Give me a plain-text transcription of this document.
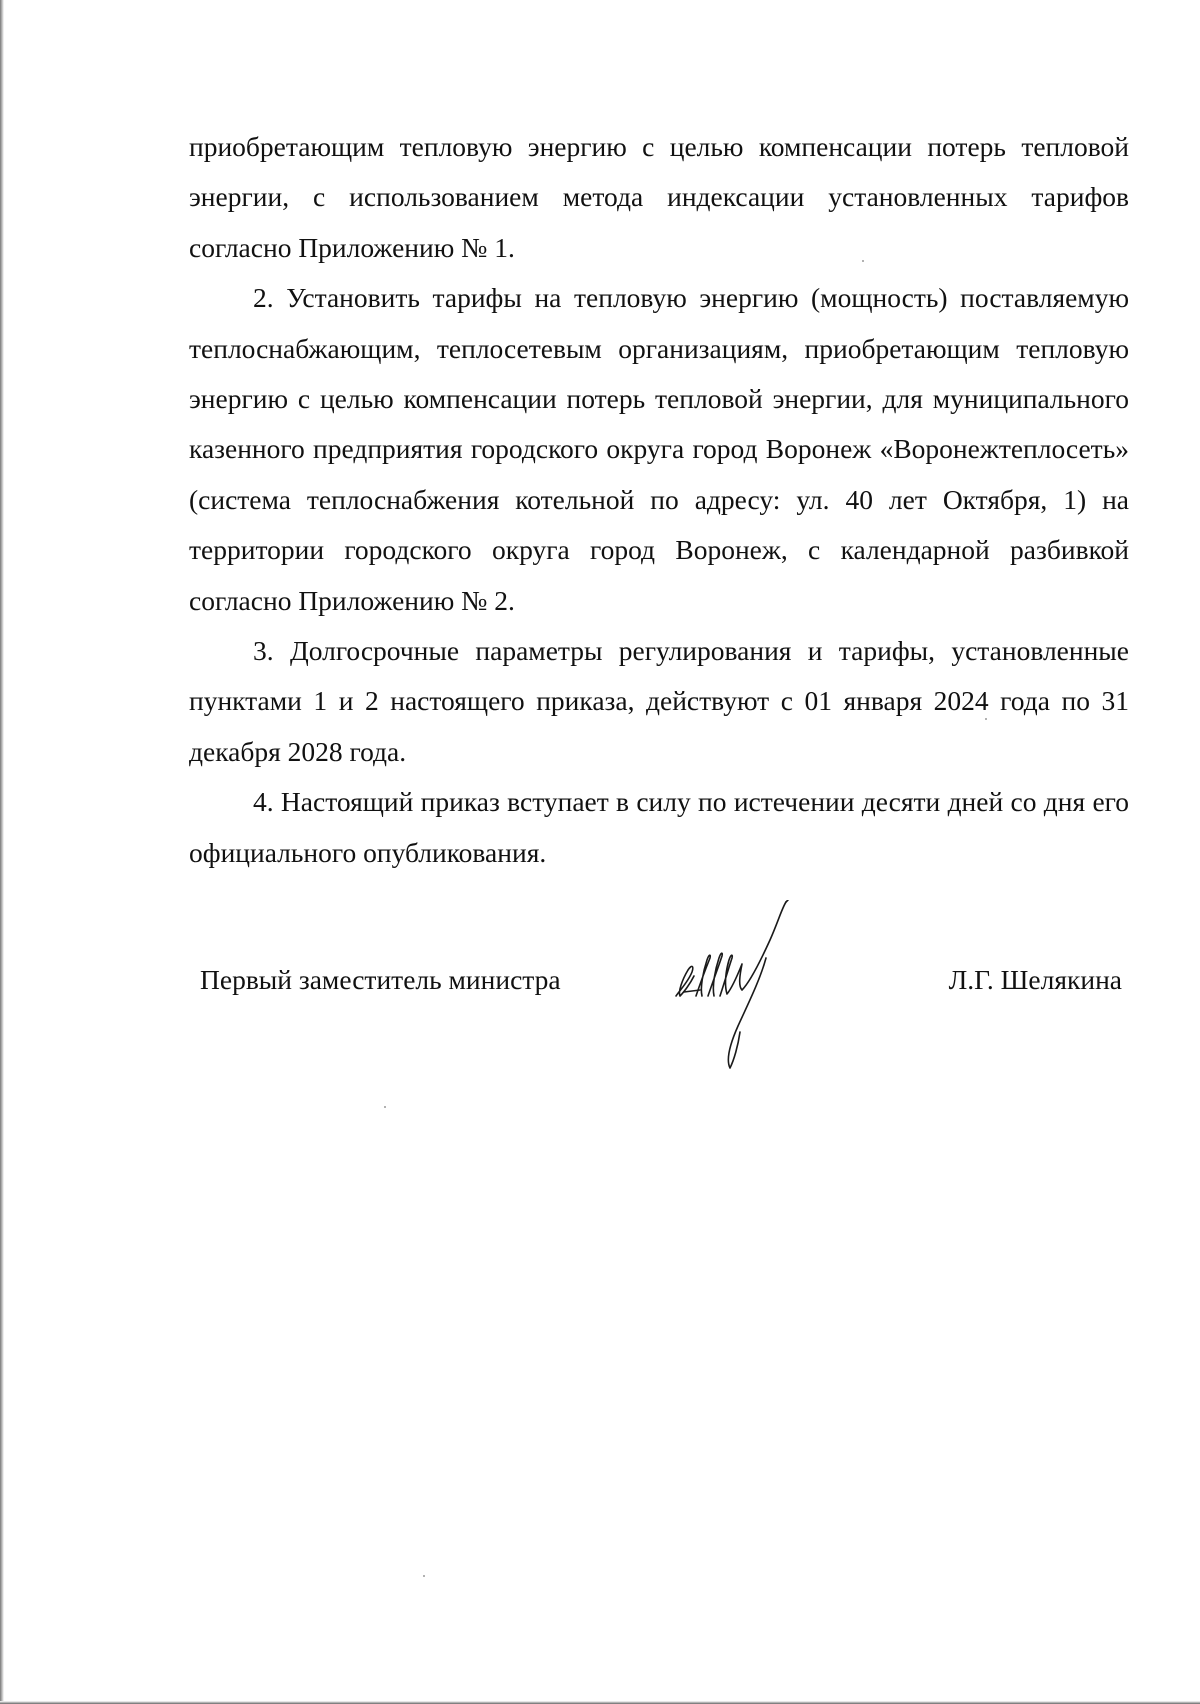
приобретающим тепловую энергию с целью компенсации потерь тепловой энергии, с использованием метода индексации установленных тарифов согласно Приложению № 1.

2. Установить тарифы на тепловую энергию (мощность) поставляемую теплоснабжающим, теплосетевым организациям, приобретающим тепловую энергию с целью компенсации потерь тепловой энергии, для муниципального казенного предприятия городского округа город Воронеж «Воронежтеплосеть» (система теплоснабжения котельной по адресу: ул. 40 лет Октября, 1) на территории городского округа город Воронеж, с календарной разбивкой согласно Приложению № 2.

3. Долгосрочные параметры регулирования и тарифы, установленные пунктами 1 и 2 настоящего приказа, действуют с 01 января 2024 года по 31 декабря 2028 года.

4. Настоящий приказ вступает в силу по истечении десяти дней со дня его официального опубликования.

Первый заместитель министра	Л.Г. Шелякина
